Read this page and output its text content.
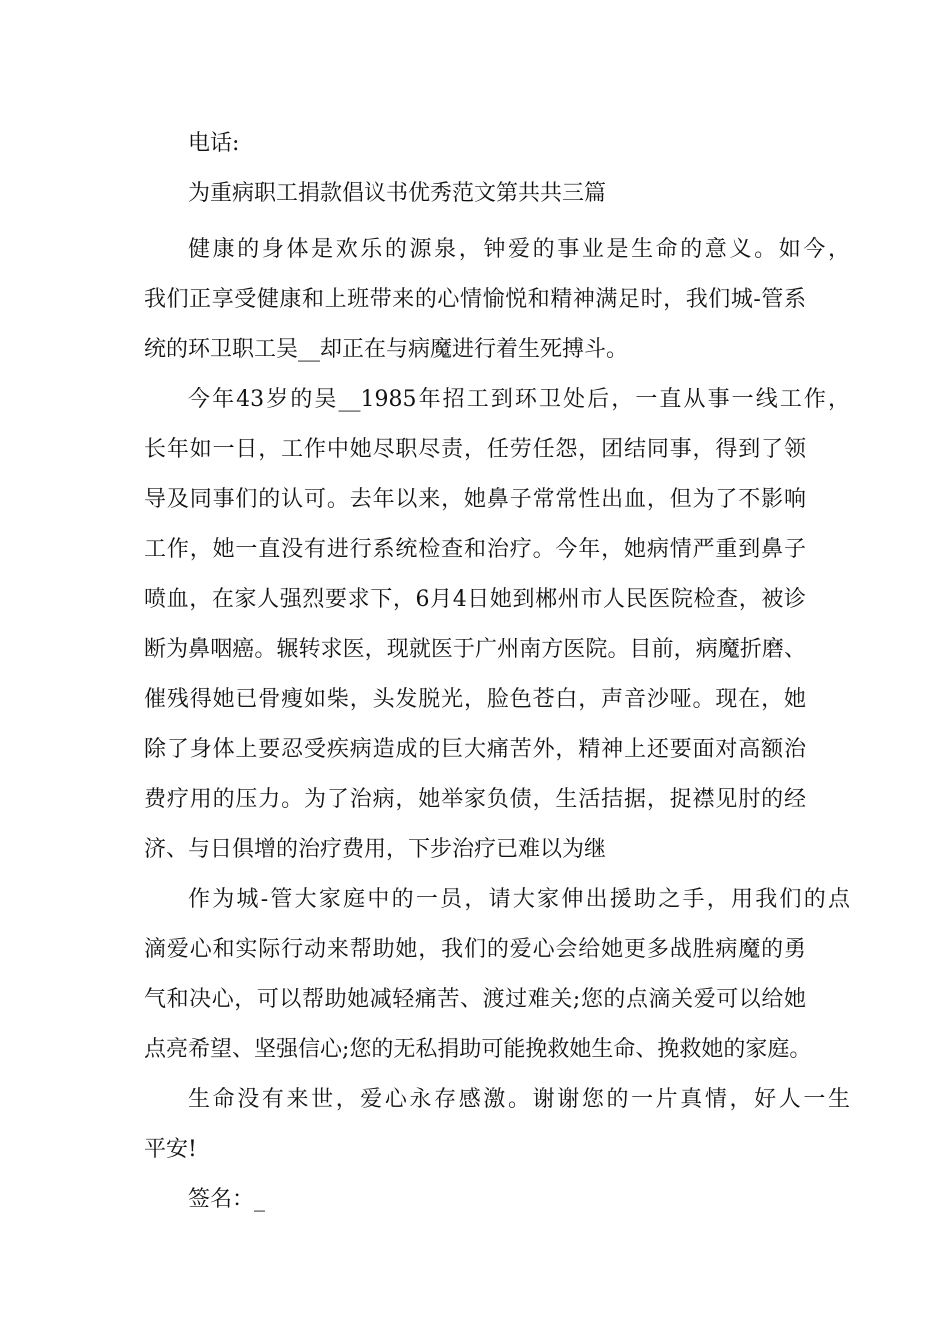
电话:
为重病职工捐款倡议书优秀范文第共共三篇
健康的身体是欢乐的源泉，钟爱的事业是生命的意义。如今，
我们正享受健康和上班带来的心情愉悦和精神满足时，我们城-管系
统的环卫职工吴__却正在与病魔进行着生死搏斗。
今年43岁的吴__1985年招工到环卫处后，一直从事一线工作，
长年如一日，工作中她尽职尽责，任劳任怨，团结同事，得到了领
导及同事们的认可。去年以来，她鼻子常常性出血，但为了不影响
工作，她一直没有进行系统检查和治疗。今年，她病情严重到鼻子
喷血，在家人强烈要求下，6月4日她到郴州市人民医院检查，被诊
断为鼻咽癌。辗转求医，现就医于广州南方医院。目前，病魔折磨、
催残得她已骨瘦如柴，头发脱光，脸色苍白，声音沙哑。现在，她
除了身体上要忍受疾病造成的巨大痛苦外，精神上还要面对高额治
费疗用的压力。为了治病，她举家负债，生活拮据，捉襟见肘的经
济、与日俱增的治疗费用，下步治疗已难以为继
作为城-管大家庭中的一员，请大家伸出援助之手，用我们的点
滴爱心和实际行动来帮助她，我们的爱心会给她更多战胜病魔的勇
气和决心，可以帮助她减轻痛苦、渡过难关;您的点滴关爱可以给她
点亮希望、坚强信心;您的无私捐助可能挽救她生命、挽救她的家庭。
生命没有来世，爱心永存感激。谢谢您的一片真情，好人一生
平安!
签名：_
